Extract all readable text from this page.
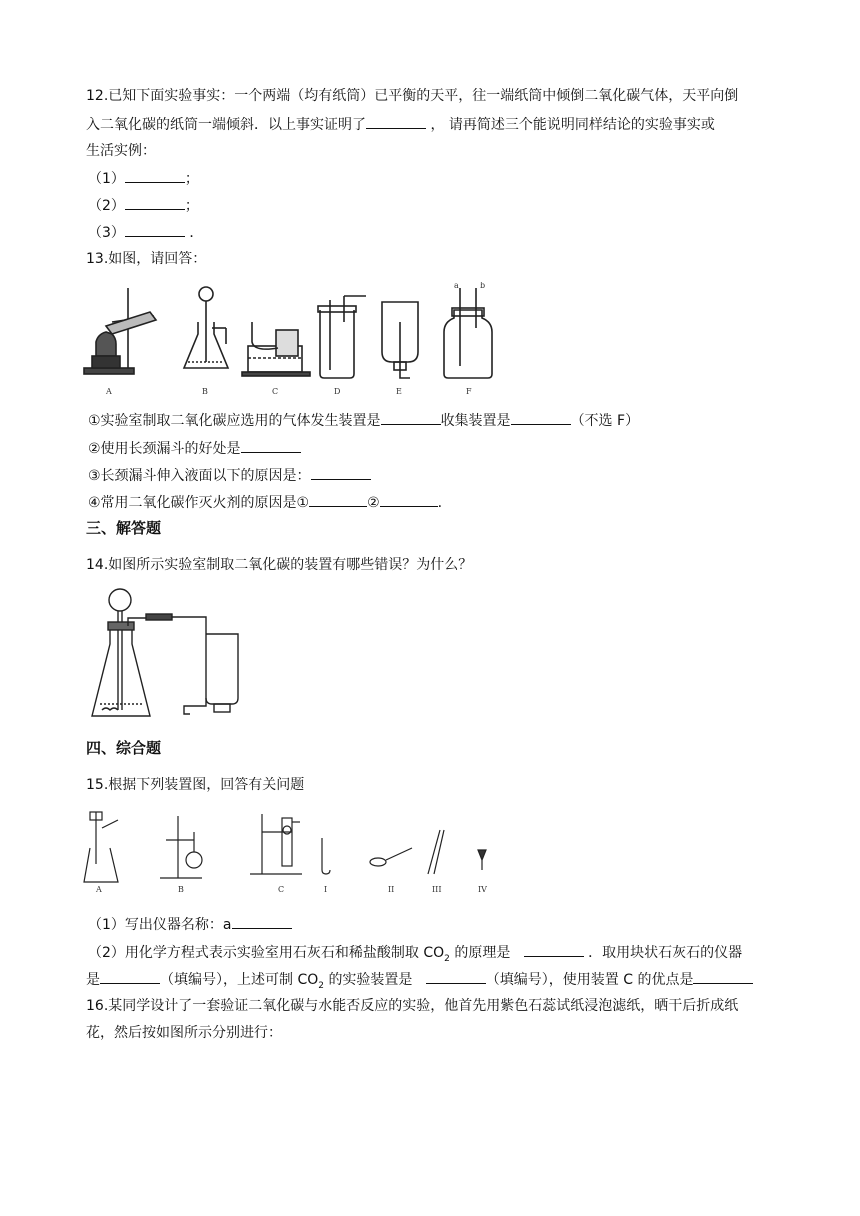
12.已知下面实验事实：一个两端（均有纸筒）已平衡的天平，往一端纸筒中倾倒二氧化碳气体，天平向倒
入二氧化碳的纸筒一端倾斜．以上事实证明了	， 请再简述三个能说明同样结论的实验事实或
生活实例：
（1）	；
（2）	；
（3）	．
13.如图，请回答：
A	B	C	D	E
a	b
F
①实验室制取二氧化碳应选用的气体发生装置是	收集装置是	（不选 F）
②使用长颈漏斗的好处是
③长颈漏斗伸入液面以下的原因是：
④常用二氧化碳作灭火剂的原因是①	②	.
三、解答题
14.如图所示实验室制取二氧化碳的装置有哪些错误？为什么？
四、综合题
15.根据下列装置图，回答有关问题
A	B	C	I	II	III	IV
（1）写出仪器名称：a
（2）用化学方程式表示实验室用石灰石和稀盐酸制取 $CO_2$ 的原理是	．取用块状石灰石的仪器
是	（填编号），上述可制 $CO_2$ 的实验装置是	（填编号），使用装置 C 的优点是
16.某同学设计了一套验证二氧化碳与水能否反应的实验，他首先用紫色石蕊试纸浸泡滤纸，晒干后折成纸
花，然后按如图所示分别进行：
